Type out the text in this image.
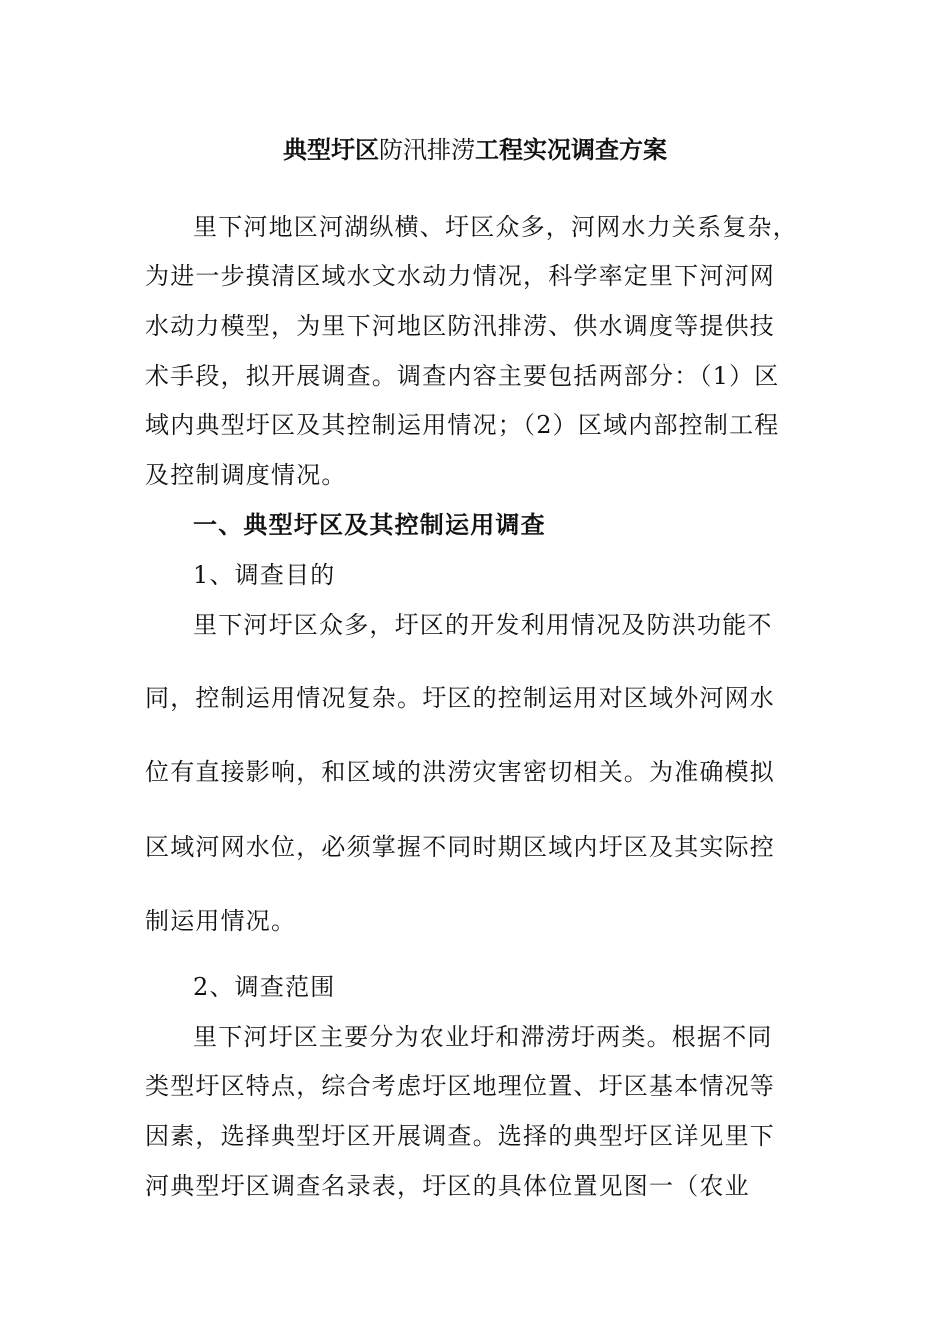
典型圩区防汛排涝工程实况调查方案
里下河地区河湖纵横、圩区众多，河网水力关系复杂，
为进一步摸清区域水文水动力情况，科学率定里下河河网
水动力模型，为里下河地区防汛排涝、供水调度等提供技
术手段，拟开展调查。调查内容主要包括两部分：（1）区
域内典型圩区及其控制运用情况；（2）区域内部控制工程
及控制调度情况。
一、典型圩区及其控制运用调查
1、调查目的
里下河圩区众多，圩区的开发利用情况及防洪功能不
同，控制运用情况复杂。圩区的控制运用对区域外河网水
位有直接影响，和区域的洪涝灾害密切相关。为准确模拟
区域河网水位，必须掌握不同时期区域内圩区及其实际控
制运用情况。
2、调查范围
里下河圩区主要分为农业圩和滞涝圩两类。根据不同
类型圩区特点，综合考虑圩区地理位置、圩区基本情况等
因素，选择典型圩区开展调查。选择的典型圩区详见里下
河典型圩区调查名录表，圩区的具体位置见图一（农业
